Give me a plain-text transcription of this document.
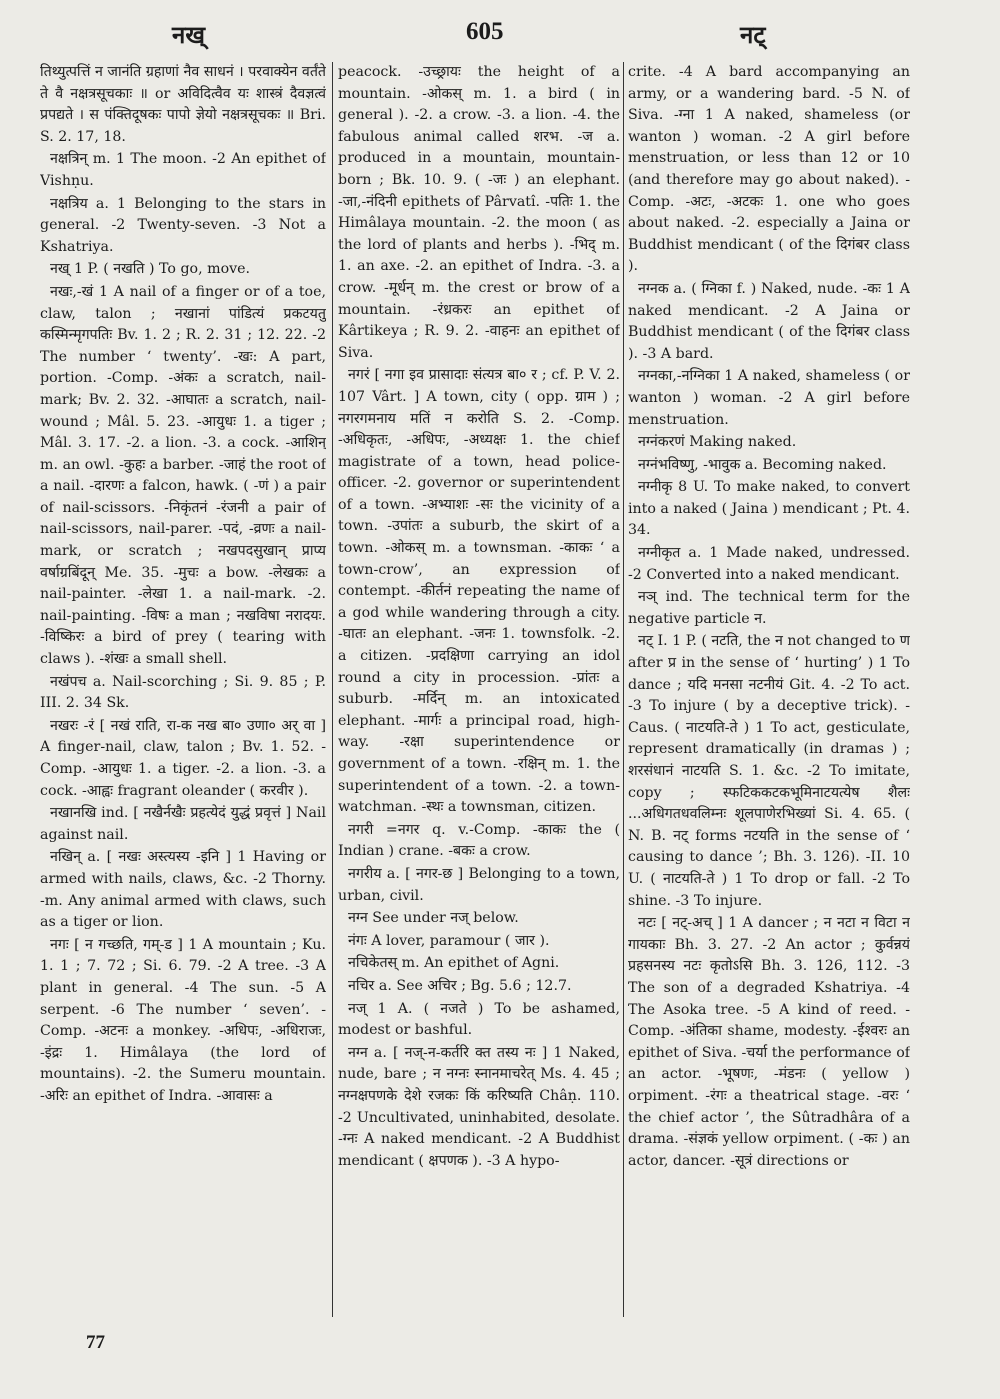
नख्	605	नट्

तिथ्युत्पत्तिं न जानंति ग्रहाणां नैव साधनं । परवाक्येन वर्तंते ते वै नक्षत्रसूचकाः ॥ or अविदित्वैव यः शास्त्रं दैवज्ञत्वं प्रपद्यते । स पंक्तिदूषकः पापो ज्ञेयो नक्षत्रसूचकः ॥ Bri. S. 2. 17, 18.

नक्षत्रिन् m. 1 The moon. -2 An epithet of Vishṇu.

नक्षत्रिय a. 1 Belonging to the stars in general. -2 Twenty-seven. -3 Not a Kshatriya.

नख् 1 P. ( नखति ) To go, move.

नखः,-खं 1 A nail of a finger or of a toe, claw, talon ; नखानां पांडित्यं प्रकटयतु कस्मिन्मृगपतिः Bv. 1. 2 ; R. 2. 31 ; 12. 22. -2 The number ‘ twenty’. -खः: A part, portion. -Comp. -अंकः a scratch, nail-mark; Bv. 2. 32. -आघातः a scratch, nail-wound ; Mâl. 5. 23. -आयुधः 1. a tiger ; Mâl. 3. 17. -2. a lion. -3. a cock. -आशिन् m. an owl. -कुहः a barber. -जाहं the root of a nail. -दारणः a falcon, hawk. ( -णं ) a pair of nail-scissors. -निकृंतनं -रंजनी a pair of nail-scissors, nail-parer. -पदं, -व्रणः a nail-mark, or scratch ; नखपदसुखान् प्राप्य वर्षाग्रबिंदून् Me. 35. -मुचः a bow. -लेखकः a nail-painter. -लेखा 1. a nail-mark. -2. nail-painting. -विषः a man ; नखविषा नरादयः. -विष्किरः a bird of prey ( tearing with claws ). -शंखः a small shell.

नखंपच a. Nail-scorching ; Si. 9. 85 ; P. III. 2. 34 Sk.

नखरः -रं [ नखं राति, रा-क नख बा० उणा० अर् वा ] A finger-nail, claw, talon ; Bv. 1. 52. -Comp. -आयुधः 1. a tiger. -2. a lion. -3. a cock. -आह्वः fragrant oleander ( करवीर ).

नखानखि ind. [ नखैर्नखैः प्रहत्येदं युद्धं प्रवृत्तं ] Nail against nail.

नखिन् a. [ नखः अस्त्यस्य -इनि ] 1 Having or armed with nails, claws, &c. -2 Thorny. -m. Any animal armed with claws, such as a tiger or lion.

नगः [ न गच्छति, गम्-ड ] 1 A mountain ; Ku. 1. 1 ; 7. 72 ; Si. 6. 79. -2 A tree. -3 A plant in general. -4 The sun. -5 A serpent. -6 The number ‘ seven’. -Comp. -अटनः a monkey. -अधिपः, -अधिराजः, -इंद्रः 1. Himâlaya (the lord of mountains). -2. the Sumeru mountain. -अरिः an epithet of Indra. -आवासः a

peacock. -उच्छ्रायः the height of a mountain. -ओकस् m. 1. a bird ( in general ). -2. a crow. -3. a lion. -4. the fabulous animal called शरभ. -ज a. produced in a mountain, mountain-born ; Bk. 10. 9. ( -जः ) an elephant. -जा,-नंदिनी epithets of Pârvatî. -पतिः 1. the Himâlaya mountain. -2. the moon ( as the lord of plants and herbs ). -भिद् m. 1. an axe. -2. an epithet of Indra. -3. a crow. -मूर्धन् m. the crest or brow of a mountain. -रंध्रकरः an epithet of Kârtikeya ; R. 9. 2. -वाहनः an epithet of Siva.

नगरं [ नगा इव प्रासादाः संत्यत्र बा० र ; cf. P. V. 2. 107 Vârt. ] A town, city ( opp. ग्राम ) ; नगरगमनाय मतिं न करोति S. 2. -Comp. -अधिकृतः, -अधिपः, -अध्यक्षः 1. the chief magistrate of a town, head police-officer. -2. governor or superintendent of a town. -अभ्याशः -सः the vicinity of a town. -उपांतः a suburb, the skirt of a town. -ओकस् m. a townsman. -काकः ‘ a town-crow’, an expression of contempt. -कीर्तनं repeating the name of a god while wandering through a city. -घातः an elephant. -जनः 1. townsfolk. -2. a citizen. -प्रदक्षिणा carrying an idol round a city in procession. -प्रांतः a suburb. -मर्दिन् m. an intoxicated elephant. -मार्गः a principal road, high-way. -रक्षा superintendence or government of a town. -रक्षिन् m. 1. the superintendent of a town. -2. a town-watchman. -स्थः a townsman, citizen.

नगरी =नगर q. v.-Comp. -काकः the ( Indian ) crane. -बकः a crow.

नगरीय a. [ नगर-छ ] Belonging to a town, urban, civil.

नग्न See under नज् below.

नंगः A lover, paramour ( जार ).

नचिकेतस् m. An epithet of Agni.

नचिर a. See अचिर ; Bg. 5.6 ; 12.7.

नज् 1 A. ( नजते ) To be ashamed, modest or bashful.

नग्न a. [ नज्-न-कर्तरि क्त तस्य नः ] 1 Naked, nude, bare ; न नग्नः स्नानमाचरेत् Ms. 4. 45 ; नग्नक्षपणके देशे रजकः किं करिष्यति Châṇ. 110. -2 Uncultivated, uninhabited, desolate. -ग्नः A naked mendicant. -2 A Buddhist mendicant ( क्षपणक ). -3 A hypo-

crite. -4 A bard accompanying an army, or a wandering bard. -5 N. of Siva. -ग्ना 1 A naked, shameless (or wanton ) woman. -2 A girl before menstruation, or less than 12 or 10 (and therefore may go about naked). -Comp. -अटः, -अटकः 1. one who goes about naked. -2. especially a Jaina or Buddhist mendicant ( of the दिगंबर class ).

नग्नक a. ( ग्निका f. ) Naked, nude. -कः 1 A naked mendicant. -2 A Jaina or Buddhist mendicant ( of the दिगंबर class ). -3 A bard.

नग्नका,-नग्निका 1 A naked, shameless ( or wanton ) woman. -2 A girl before menstruation.

नग्नंकरणं Making naked.

नग्नंभविष्णु, -भावुक a. Becoming naked.

नग्नीकृ 8 U. To make naked, to convert into a naked ( Jaina ) mendicant ; Pt. 4. 34.

नग्नीकृत a. 1 Made naked, undressed. -2 Converted into a naked mendicant.

नञ् ind. The technical term for the negative particle न.

नट् I. 1 P. ( नटति, the न not changed to ण after प्र in the sense of ‘ hurting’ ) 1 To dance ; यदि मनसा नटनीयं Git. 4. -2 To act. -3 To injure ( by a deceptive trick). -Caus. ( नाटयति-ते ) 1 To act, gesticulate, represent dramatically (in dramas ) ; शरसंधानं नाटयति S. 1. &c. -2 To imitate, copy ; स्फटिककटकभूमिनाटयत्येष शैलः ...अधिगतधवलिम्नः शूलपाणेरभिख्यां Si. 4. 65. ( N. B. नट् forms नटयति in the sense of ‘ causing to dance ’; Bh. 3. 126). -II. 10 U. ( नाटयति-ते ) 1 To drop or fall. -2 To shine. -3 To injure.

नटः [ नट्-अच् ] 1 A dancer ; न नटा न विटा न गायकाः Bh. 3. 27. -2 An actor ; कुर्वन्नयं प्रहसनस्य नटः कृतोऽसि Bh. 3. 126, 112. -3 The son of a degraded Kshatriya. -4 The Asoka tree. -5 A kind of reed. -Comp. -अंतिका shame, modesty. -ईश्वरः an epithet of Siva. -चर्या the performance of an actor. -भूषणः, -मंडनः ( yellow ) orpiment. -रंगः a theatrical stage. -वरः ‘ the chief actor ’, the Sûtradhâra of a drama. -संज्ञकं yellow orpiment. ( -कः ) an actor, dancer. -सूत्रं directions or

77
